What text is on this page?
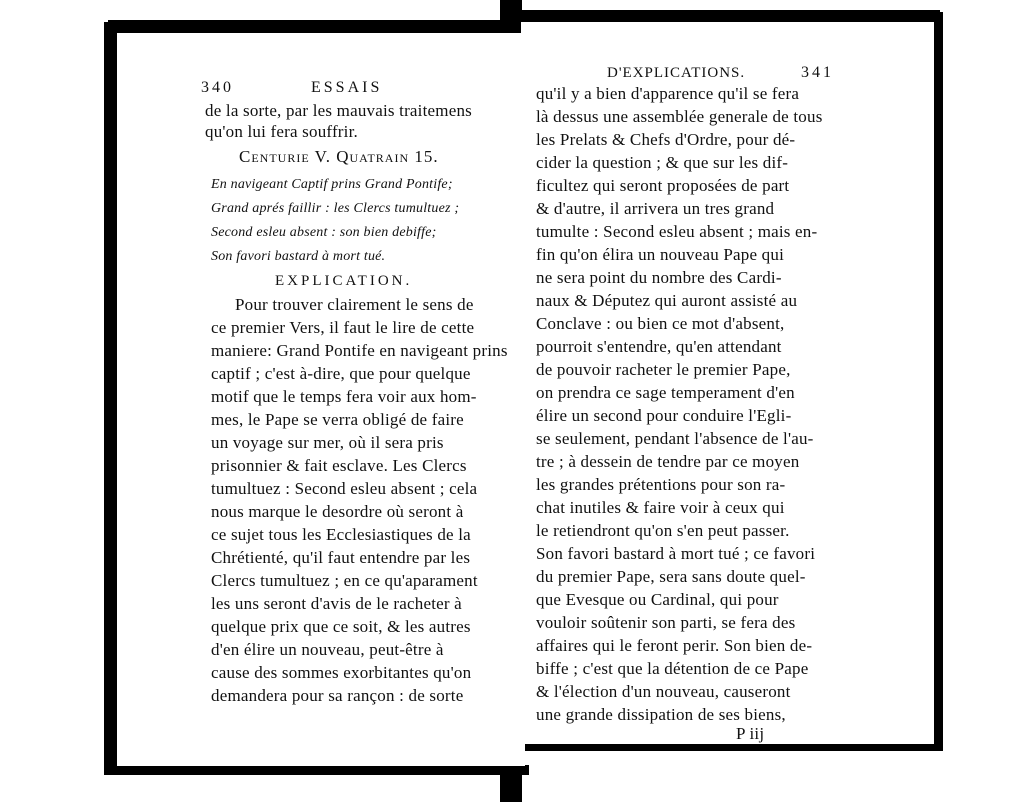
340	ESSAIS
de la sorte, par les mauvais traitemens
qu'on lui fera souffrir.
Centurie V. Quatrain 15.
En navigeant Captif prins Grand Pontife;
Grand aprés faillir : les Clercs tumultuez ;
Second esleu absent : son bien debiffe;
Son favori bastard à mort tué.
EXPLICATION.
Pour trouver clairement le sens de
ce premier Vers, il faut le lire de cette
maniere: Grand Pontife en navigeant prins
captif ; c'est à-dire, que pour quelque
motif que le temps fera voir aux hom-
mes, le Pape se verra obligé de faire
un voyage sur mer, où il sera pris
prisonnier & fait esclave. Les Clercs
tumultuez : Second esleu absent ; cela
nous marque le desordre où seront à
ce sujet tous les Ecclesiastiques de la
Chrétienté, qu'il faut entendre par les
Clercs tumultuez ; en ce qu'aparament
les uns seront d'avis de le racheter à
quelque prix que ce soit, & les autres
d'en élire un nouveau, peut-être à
cause des sommes exorbitantes qu'on
demandera pour sa rançon : de sorte
D'EXPLICATIONS.	341
qu'il y a bien d'apparence qu'il se fera
là dessus une assemblée generale de tous
les Prelats & Chefs d'Ordre, pour dé-
cider la question ; & que sur les dif-
ficultez qui seront proposées de part
& d'autre, il arrivera un tres grand
tumulte : Second esleu absent ; mais en-
fin qu'on élira un nouveau Pape qui
ne sera point du nombre des Cardi-
naux & Députez qui auront assisté au
Conclave : ou bien ce mot d'absent,
pourroit s'entendre, qu'en attendant
de pouvoir racheter le premier Pape,
on prendra ce sage temperament d'en
élire un second pour conduire l'Egli-
se seulement, pendant l'absence de l'au-
tre ; à dessein de tendre par ce moyen
les grandes prétentions pour son ra-
chat inutiles & faire voir à ceux qui
le retiendront qu'on s'en peut passer.
Son favori bastard à mort tué ; ce favori
du premier Pape, sera sans doute quel-
que Evesque ou Cardinal, qui pour
vouloir soûtenir son parti, se fera des
affaires qui le feront perir. Son bien de-
biffe ; c'est que la détention de ce Pape
& l'élection d'un nouveau, causeront
une grande dissipation de ses biens,
P iij
